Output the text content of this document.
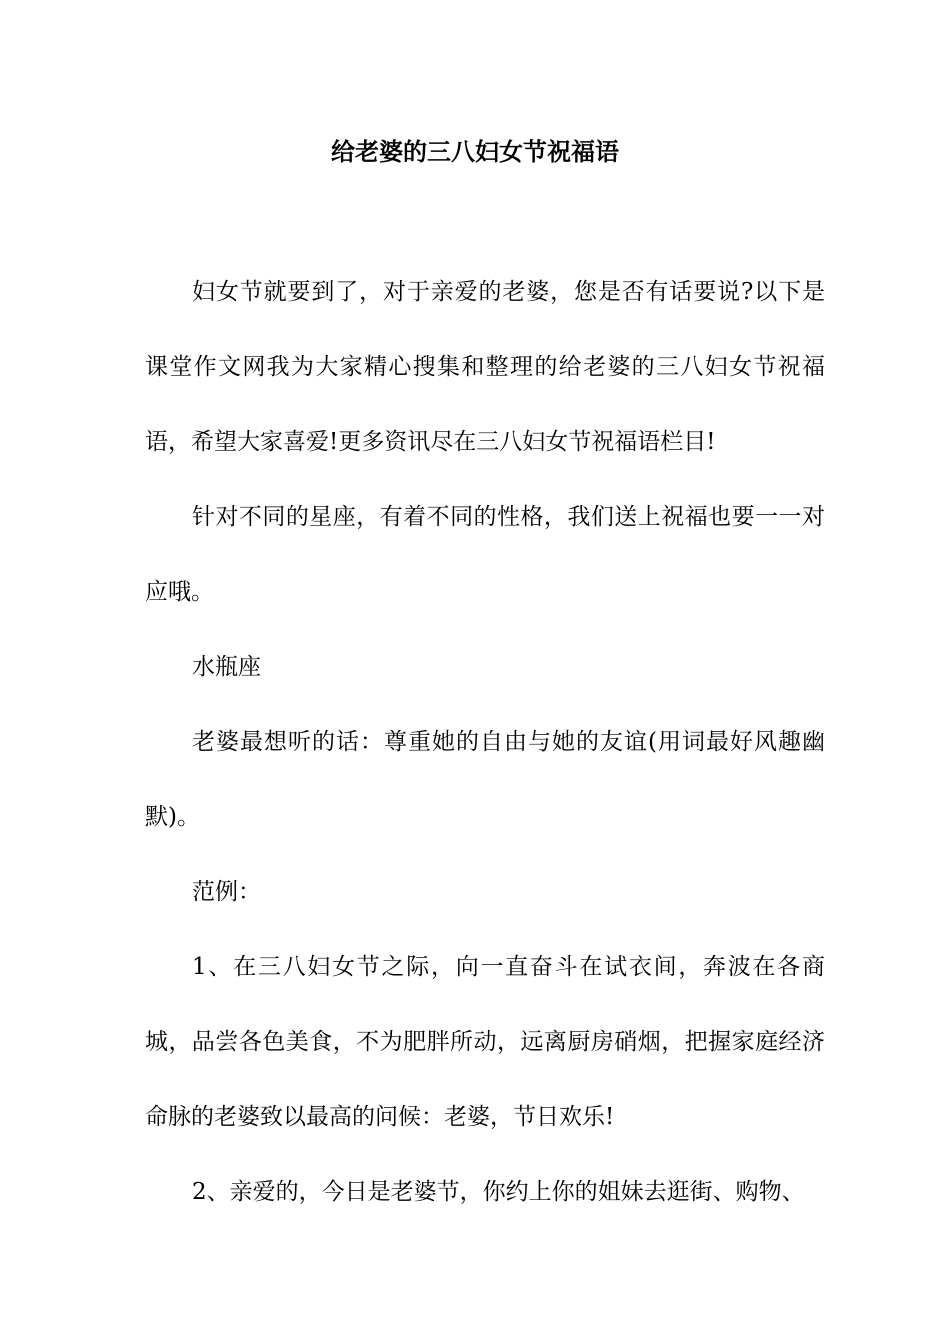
给老婆的三八妇女节祝福语

妇女节就要到了，对于亲爱的老婆，您是否有话要说?以下是课堂作文网我为大家精心搜集和整理的给老婆的三八妇女节祝福语，希望大家喜爱!更多资讯尽在三八妇女节祝福语栏目!

针对不同的星座，有着不同的性格，我们送上祝福也要一一对应哦。

水瓶座

老婆最想听的话：尊重她的自由与她的友谊(用词最好风趣幽默)。

范例：

1、在三八妇女节之际，向一直奋斗在试衣间，奔波在各商城，品尝各色美食，不为肥胖所动，远离厨房硝烟，把握家庭经济命脉的老婆致以最高的问候：老婆，节日欢乐!

2、亲爱的，今日是老婆节，你约上你的姐妹去逛街、购物、
